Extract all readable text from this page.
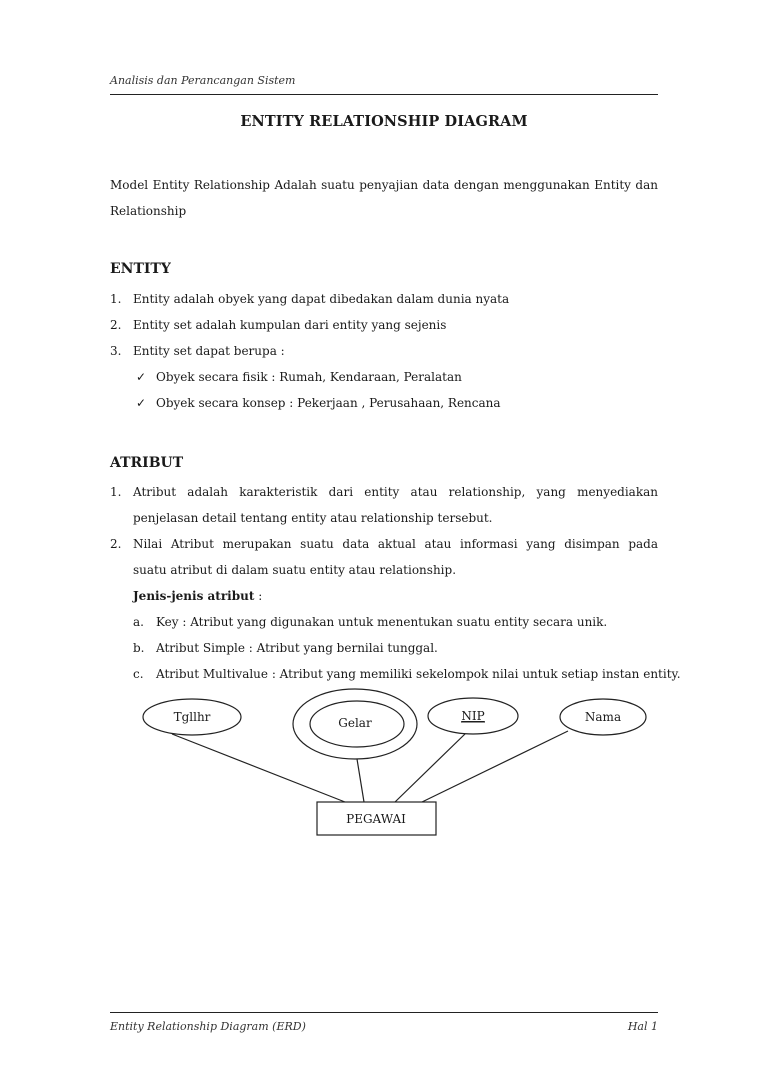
Analisis dan Perancangan Sistem
ENTITY RELATIONSHIP DIAGRAM
Model Entity Relationship Adalah suatu penyajian data dengan menggunakan Entity dan
Relationship
ENTITY
1. Entity adalah obyek yang dapat dibedakan dalam dunia nyata
2. Entity set adalah kumpulan dari entity yang sejenis
3. Entity set dapat berupa :
✓ Obyek secara fisik : Rumah, Kendaraan, Peralatan
✓ Obyek secara konsep : Pekerjaan , Perusahaan, Rencana
ATRIBUT
1. Atribut adalah karakteristik dari entity atau relationship, yang menyediakan
penjelasan detail tentang entity atau relationship tersebut.
2. Nilai Atribut merupakan suatu data aktual atau informasi yang disimpan pada
suatu atribut di dalam suatu entity atau relationship.
Jenis-jenis atribut :
a. Key : Atribut yang digunakan untuk menentukan suatu entity secara unik.
b. Atribut Simple : Atribut yang bernilai tunggal.
c. Atribut Multivalue : Atribut yang memiliki sekelompok nilai untuk setiap instan entity.
Tgllhr	Gelar	NIP	Nama
PEGAWAI
Entity Relationship Diagram (ERD)	Hal 1
